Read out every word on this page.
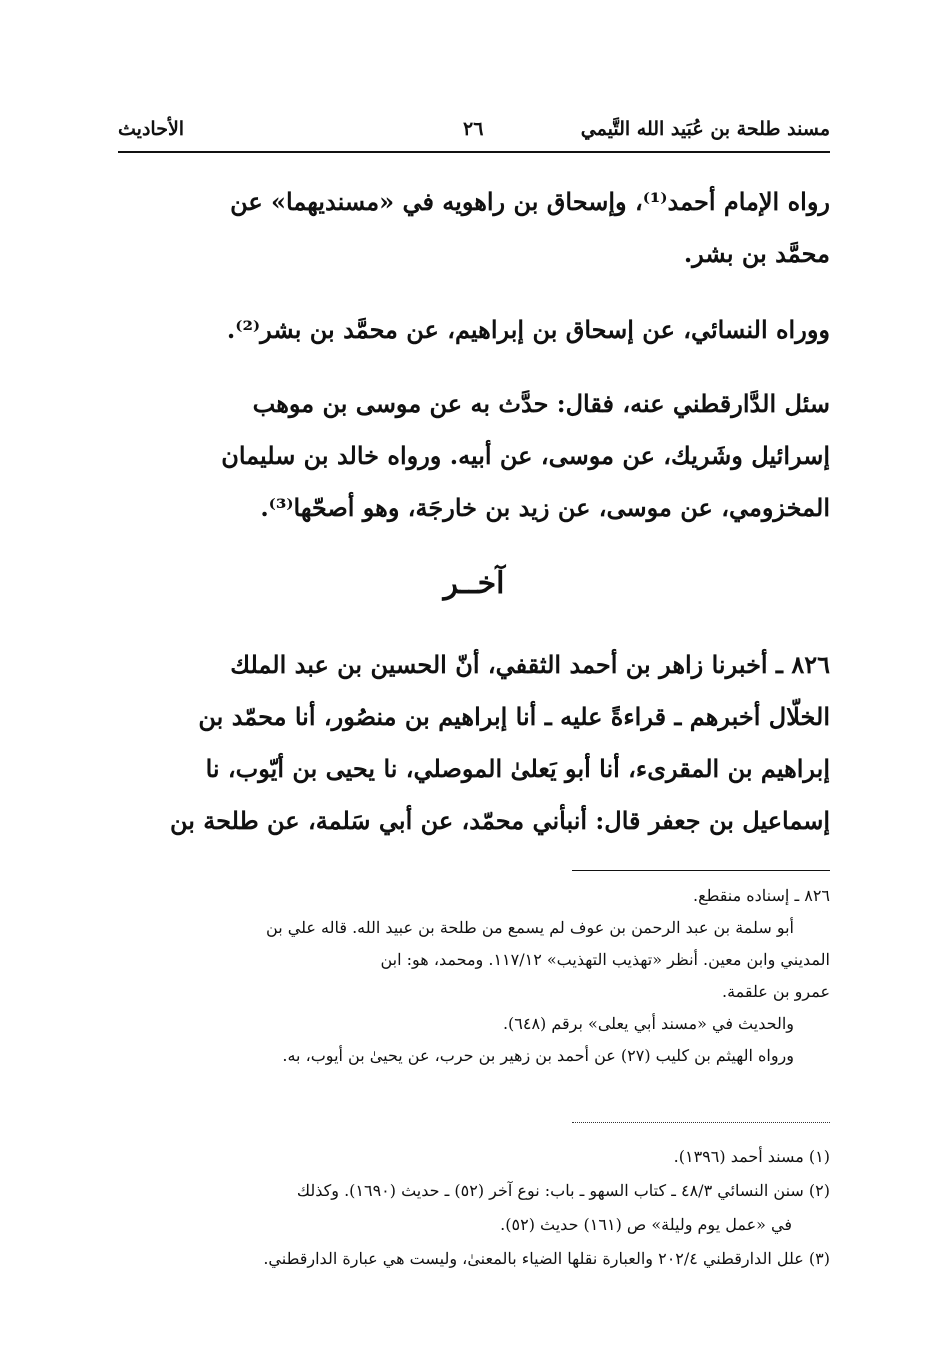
مسند طلحة بن عُبَيد الله التَّيمي
٢٦
الأحاديث
رواه الإمام أحمد⁽¹⁾، وإسحاق بن راهويه في «مسنديهما» عن
محمَّد بن بشر.
ووراه النسائي، عن إسحاق بن إبراهيم، عن محمَّد بن بشر⁽²⁾.
سئل الدَّارقطني عنه، فقال: حدَّث به عن موسى بن موهب
إسرائيل وشَريك، عن موسى، عن أبيه. ورواه خالد بن سليمان
المخزومي، عن موسى، عن زيد بن خارجَة، وهو أصحّها⁽³⁾.
آخــر
٨٢٦ ـ أخبرنا زاهر بن أحمد الثقفي، أنّ الحسين بن عبد الملك
الخلّال أخبرهم ـ قراءةً عليه ـ أنا إبراهيم بن منصُور، أنا محمّد بن
إبراهيم بن المقرىء، أنا أبو يَعلىٰ الموصلي، نا يحيى بن أيّوب، نا
إسماعيل بن جعفر قال: أنبأني محمّد، عن أبي سَلمة، عن طلحة بن
٨٢٦ ـ إسناده منقطع.
أبو سلمة بن عبد الرحمن بن عوف لم يسمع من طلحة بن عبيد الله. قاله علي بن
المديني وابن معين. أنظر «تهذيب التهذيب» ١١٧/١٢. ومحمد، هو: ابن
عمرو بن علقمة.
والحديث في «مسند أبي يعلى» برقم (٦٤٨).
ورواه الهيثم بن كليب (٢٧) عن أحمد بن زهير بن حرب، عن يحيىٰ بن أيوب، به.
(١) مسند أحمد (١٣٩٦).
(٢) سنن النسائي ٤٨/٣ ـ كتاب السهو ـ باب: نوع آخر (٥٢) ـ حديث (١٦٩٠). وكذلك
في «عمل يوم وليلة» ص (١٦١) حديث (٥٢).
(٣) علل الدارقطني ٢٠٢/٤ والعبارة نقلها الضياء بالمعنىٰ، وليست هي عبارة الدارقطني.
